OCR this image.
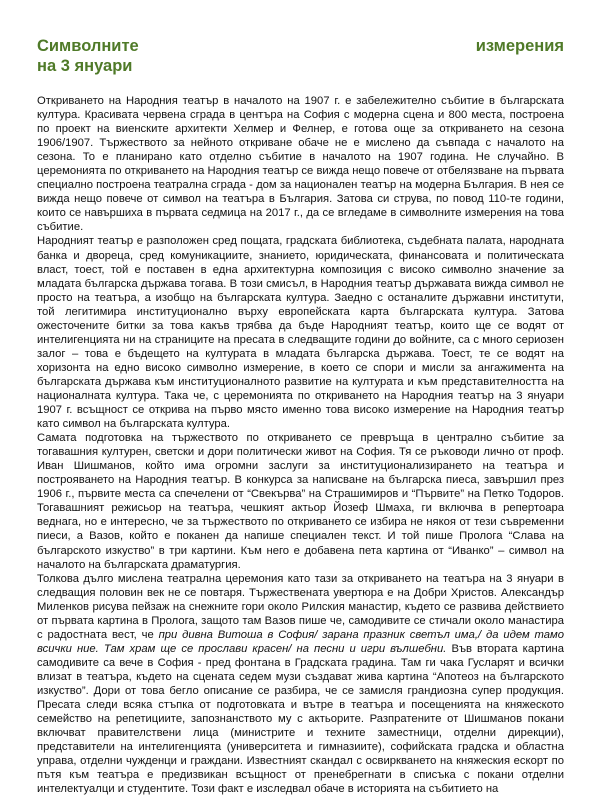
Символните
на 3 януари
измерения

Откриването на Народния театър в началото на 1907 г. е забележително събитие в българската култура. Красивата червена сграда в центъра на София с модерна сцена и 800 места, построена по проект на виенските архитекти Хелмер и Фелнер, е готова още за откриването на сезона 1906/1907. Тържеството за нейното откриване обаче не е мислено да съвпада с началото на сезона. То е планирано като отделно събитие в началото на 1907 година. Не случайно. В церемонията по откриването на Народния театър се вижда нещо повече от отбелязване на първата специално построена театрална сграда - дом за национален театър на модерна България. В нея се вижда нещо повече от символ на театъра в България. Затова си струва, по повод 110-те години, които се навършиха в първата седмица на 2017 г., да се вгледаме в символните измерения на това събитие.

Народният театър е разположен сред пощата, градската библиотека, съдебната палата, народната банка и двореца, сред комуникациите, знанието, юридическата, финансовата и политическата власт, тоест, той е поставен в една архитектурна композиция с високо символно значение за младата българска държава тогава. В този смисъл, в Народния театър държавата вижда символ не просто на театъра, а изобщо на българската култура. Заедно с останалите държавни институти, той легитимира институционално върху европейската карта българската култура. Затова ожесточените битки за това какъв трябва да бъде Народният театър, които ще се водят от интелигенцията ни на страниците на пресата в следващите години до войните, са с много сериозен залог – това е бъдещето на културата в младата българска държава. Тоест, те се водят на хоризонта на едно високо символно измерение, в което се спори и мисли за ангажимента на българската държава към институционалното развитие на културата и към представителността на националната култура. Така че, с церемонията по откриването на Народния театър на 3 януари 1907 г. всъщност се открива на първо място именно това високо измерение на Народния театър като символ на българската култура.

Самата подготовка на тържеството по откриването се превръща в централно събитие за тогавашния културен, светски и дори политически живот на София. Тя се ръководи лично от проф. Иван Шишманов, който има огромни заслуги за институционализирането на театъра и построяването на Народния театър. В конкурса за написване на българска пиеса, завършил през 1906 г., първите места са спечелени от “Свекърва” на Страшимиров и “Първите” на Петко Тодоров. Тогавашният режисьор на театъра, чешкият актьор Йозеф Шмаха, ги включва в репертоара веднага, но е интересно, че за тържеството по откриването се избира не някоя от тези съвременни пиеси, а Вазов, който е поканен да напише специален текст. И той пише Пролога “Слава на българското изкуство” в три картини. Към него е добавена пета картина от “Иванко” – символ на началото на българската драматургия.

Толкова дълго мислена театрална церемония като тази за откриването на театъра на 3 януари в следващия половин век не се повтаря. Тържествената увертюра е на Добри Христов. Александър Миленков рисува пейзаж на снежните гори около Рилския манастир, където се развива действието от първата картина в Пролога, защото там Вазов пише че, самодивите се стичали около манастира с радостната вест, че при дивна Витоша в София/ зарана празник светъл има,/ да идем тамо всички ние. Там храм ще се прослави красен/ на песни и игри вълшебни. Във втората картина самодивите са вече в София - пред фонтана в Градската градина. Там ги чака Гусларят и всички влизат в театъра, където на сцената седем музи създават жива картина “Апотеоз на българското изкуство”. Дори от това бегло описание се разбира, че се замисля грандиозна супер продукция. Пресата следи всяка стъпка от подготовката и вътре в театъра и посещенията на княжеското семейство на репетициите, запознанството му с актьорите. Разпратените от Шишманов покани включват правителствени лица (министрите и техните заместници, отделни дирекции), представители на интелигенцията (университета и гимназиите), софийската градска и областна управа, отделни чужденци и граждани. Известният скандал с освиркването на княжеския ескорт по пътя към театъра е предизвикан всъщност от пренебрегнати в списъка с покани отделни интелектуалци и студентите. Този факт е изследвал обаче в историята на събитието на
